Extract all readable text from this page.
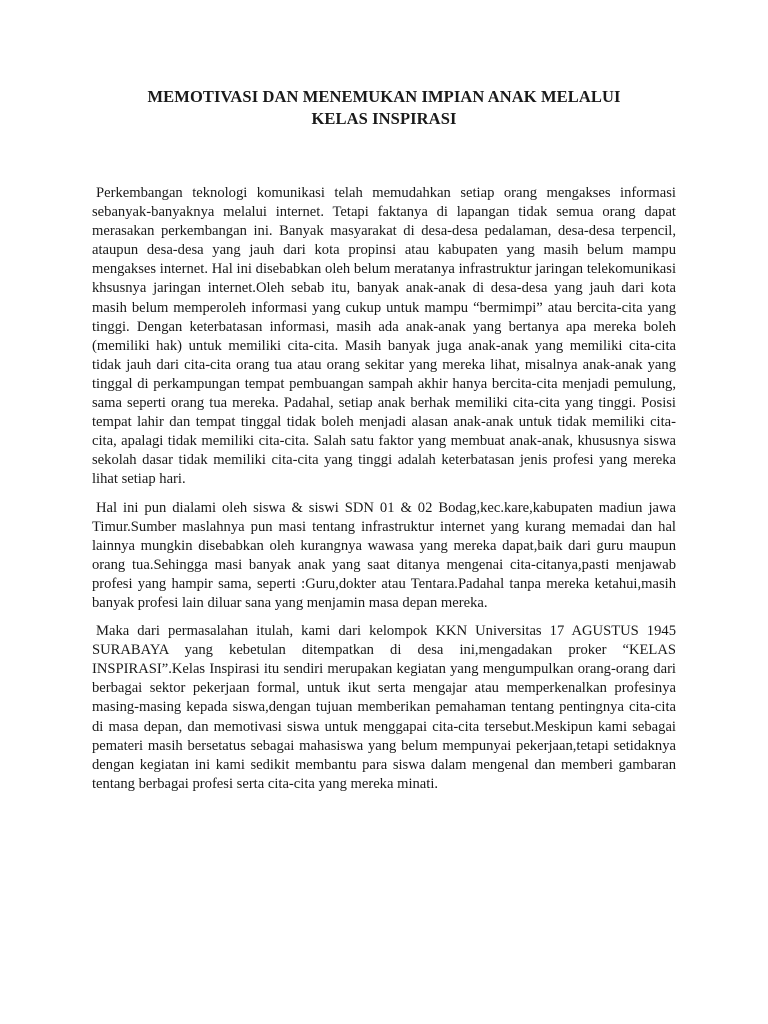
MEMOTIVASI DAN MENEMUKAN IMPIAN ANAK MELALUI
KELAS INSPIRASI

Perkembangan teknologi komunikasi telah memudahkan setiap orang mengakses informasi sebanyak-banyaknya melalui internet. Tetapi faktanya di lapangan tidak semua orang dapat merasakan perkembangan ini. Banyak masyarakat di desa-desa pedalaman, desa-desa terpencil, ataupun desa-desa yang jauh dari kota propinsi atau kabupaten yang masih belum mampu mengakses internet. Hal ini disebabkan oleh belum meratanya infrastruktur jaringan telekomunikasi khsusnya jaringan internet.Oleh sebab itu, banyak anak-anak di desa-desa yang jauh dari kota masih belum memperoleh informasi yang cukup untuk mampu “bermimpi” atau bercita-cita yang tinggi. Dengan keterbatasan informasi, masih ada anak-anak yang bertanya apa mereka boleh (memiliki hak) untuk memiliki cita-cita. Masih banyak juga anak-anak yang memiliki cita-cita tidak jauh dari cita-cita orang tua atau orang sekitar yang mereka lihat, misalnya anak-anak yang tinggal di perkampungan tempat pembuangan sampah akhir hanya bercita-cita menjadi pemulung, sama seperti orang tua mereka. Padahal, setiap anak berhak memiliki cita-cita yang tinggi. Posisi tempat lahir dan tempat tinggal tidak boleh menjadi alasan anak-anak untuk tidak memiliki cita-cita, apalagi tidak memiliki cita-cita. Salah satu faktor yang membuat anak-anak, khususnya siswa sekolah dasar tidak memiliki cita-cita yang tinggi adalah keterbatasan jenis profesi yang mereka lihat setiap hari.

Hal ini pun dialami oleh siswa & siswi SDN 01 & 02 Bodag,kec.kare,kabupaten madiun jawa Timur.Sumber maslahnya pun masi tentang infrastruktur internet yang kurang memadai dan hal lainnya mungkin disebabkan oleh kurangnya wawasa yang mereka dapat,baik dari guru maupun orang tua.Sehingga masi banyak anak yang saat ditanya mengenai cita-citanya,pasti menjawab profesi yang hampir sama, seperti :Guru,dokter atau Tentara.Padahal tanpa mereka ketahui,masih banyak profesi lain diluar sana yang menjamin masa depan mereka.

Maka dari permasalahan itulah, kami dari kelompok KKN Universitas 17 AGUSTUS 1945 SURABAYA yang kebetulan ditempatkan di desa ini,mengadakan proker “KELAS INSPIRASI”.Kelas Inspirasi itu sendiri merupakan kegiatan yang mengumpulkan orang-orang dari berbagai sektor pekerjaan formal, untuk ikut serta mengajar atau memperkenalkan profesinya masing-masing kepada siswa,dengan tujuan memberikan pemahaman tentang pentingnya cita-cita di masa depan, dan memotivasi siswa untuk menggapai cita-cita tersebut.Meskipun kami sebagai pemateri masih bersetatus sebagai mahasiswa yang belum mempunyai pekerjaan,tetapi setidaknya dengan kegiatan ini kami sedikit membantu para siswa dalam mengenal dan memberi gambaran tentang berbagai profesi serta cita-cita yang mereka minati.
